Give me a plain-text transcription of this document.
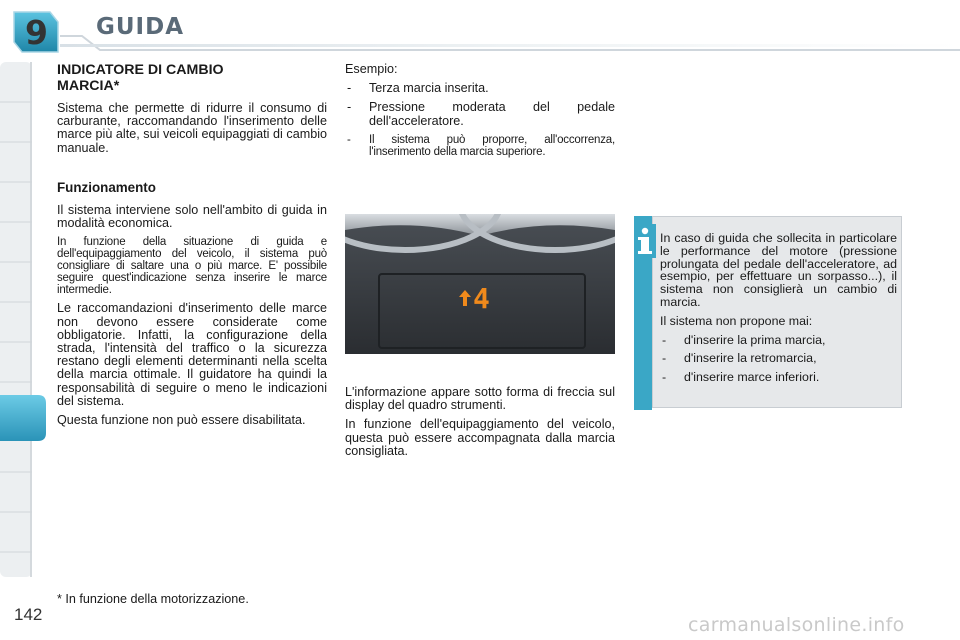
9 GUIDA
INDICATORE DI CAMBIO MARCIA*

Sistema che permette di ridurre il consumo di carburante, raccomandando l'inserimento delle marce più alte, sui veicoli equipaggiati di cambio manuale.

Funzionamento

Il sistema interviene solo nell'ambito di guida in modalità economica.

In funzione della situazione di guida e dell'equipaggiamento del veicolo, il sistema può consigliare di saltare una o più marce. E' possibile seguire quest'indicazione senza inserire le marce intermedie.

Le raccomandazioni d'inserimento delle marce non devono essere considerate come obbligatorie. Infatti, la configurazione della strada, l'intensità del traffico o la sicurezza restano degli elementi determinanti nella scelta della marcia ottimale. Il guidatore ha quindi la responsabilità di seguire o meno le indicazioni del sistema.

Questa funzione non può essere disabilitata.

Esempio:

- Terza marcia inserita.
- Pressione moderata del pedale dell'acceleratore.
- Il sistema può proporre, all'occorrenza, l'inserimento della marcia superiore.
4

L'informazione appare sotto forma di freccia sul display del quadro strumenti.

In funzione dell'equipaggiamento del veicolo, questa può essere accompagnata dalla marcia consigliata.

In caso di guida che sollecita in particolare le performance del motore (pressione prolungata del pedale dell'acceleratore, ad esempio, per effettuare un sorpasso...), il sistema non consiglierà un cambio di marcia.

Il sistema non propone mai:

- d'inserire la prima marcia,
- d'inserire la retromarcia,
- d'inserire marce inferiori.
* In funzione della motorizzazione.
142	carmanualsonline.info
